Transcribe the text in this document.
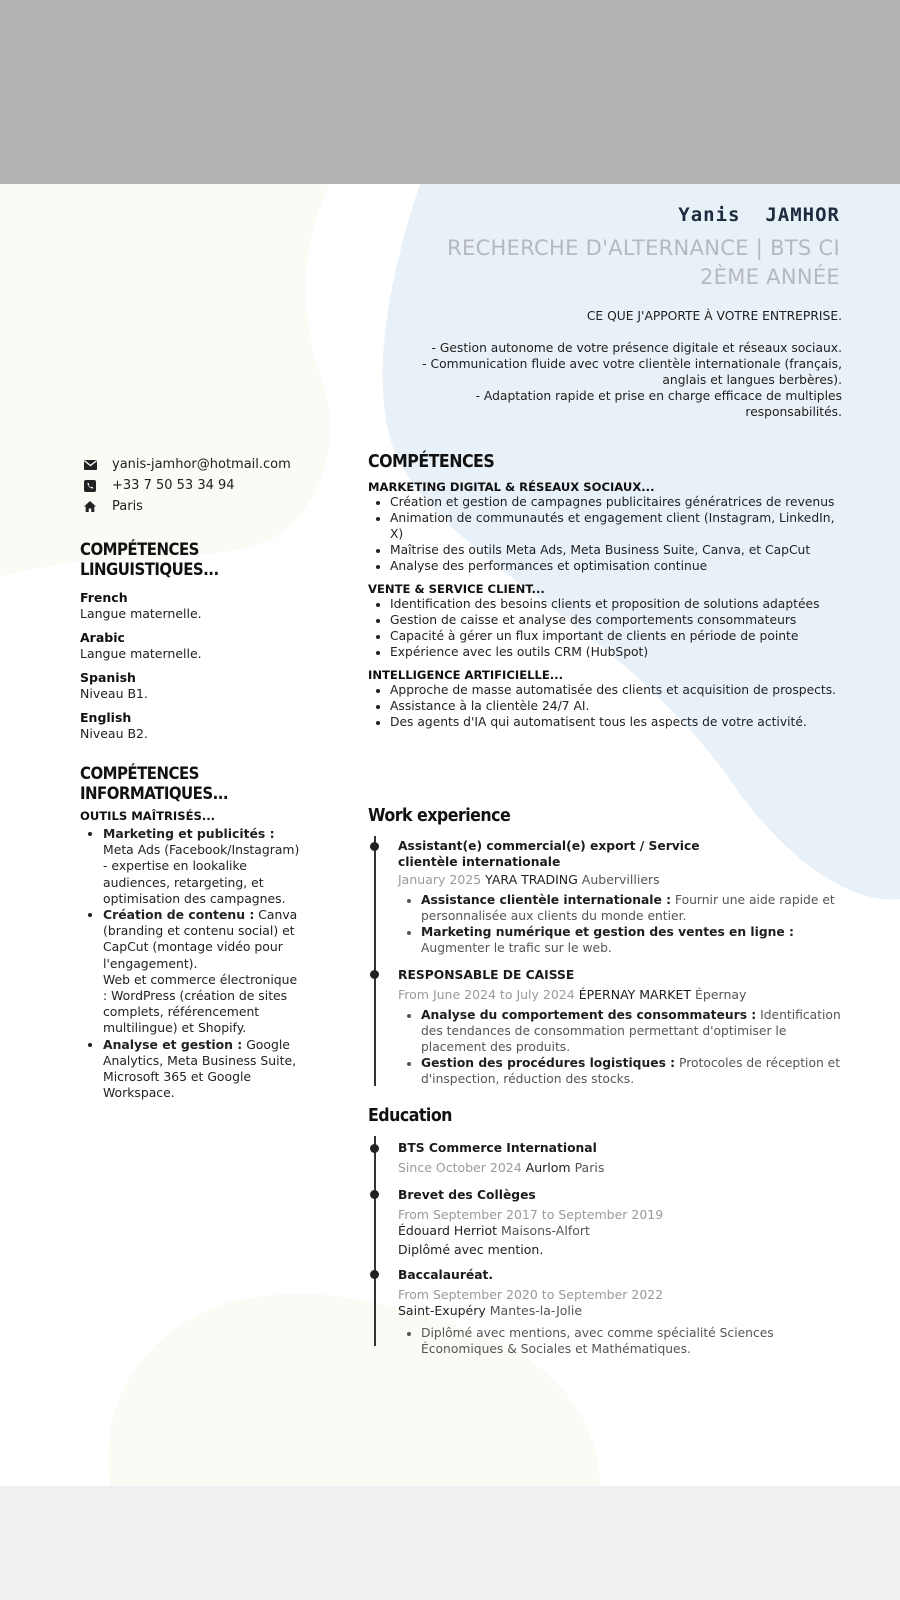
Yanis  JAMHOR
RECHERCHE D'ALTERNANCE | BTS CI
2ÈME ANNÉE
CE QUE J'APPORTE À VOTRE ENTREPRISE.
- Gestion autonome de votre présence digitale et réseaux sociaux.
- Communication fluide avec votre clientèle internationale (français,
anglais et langues berbères).
- Adaptation rapide et prise en charge efficace de multiples
responsabilités.
yanis-jamhor@hotmail.com
+33 7 50 53 34 94
Paris
COMPÉTENCES
LINGUISTIQUES...
French
Langue maternelle.
Arabic
Langue maternelle.
Spanish
Niveau B1.
English
Niveau B2.
COMPÉTENCES
INFORMATIQUES...
OUTILS MAÎTRISÉS...
• Marketing et publicités : Meta Ads (Facebook/Instagram) - expertise en lookalike audiences, retargeting, et optimisation des campagnes.
• Création de contenu : Canva (branding et contenu social) et CapCut (montage vidéo pour l'engagement).
Web et commerce électronique : WordPress (création de sites complets, référencement multilingue) et Shopify.
• Analyse et gestion : Google Analytics, Meta Business Suite, Microsoft 365 et Google Workspace.
COMPÉTENCES
MARKETING DIGITAL & RÉSEAUX SOCIAUX...
• Création et gestion de campagnes publicitaires génératrices de revenus
• Animation de communautés et engagement client (Instagram, LinkedIn, X)
• Maîtrise des outils Meta Ads, Meta Business Suite, Canva, et CapCut
• Analyse des performances et optimisation continue
VENTE & SERVICE CLIENT...
• Identification des besoins clients et proposition de solutions adaptées
• Gestion de caisse et analyse des comportements consommateurs
• Capacité à gérer un flux important de clients en période de pointe
• Expérience avec les outils CRM (HubSpot)
INTELLIGENCE ARTIFICIELLE...
• Approche de masse automatisée des clients et acquisition de prospects.
• Assistance à la clientèle 24/7 AI.
• Des agents d'IA qui automatisent tous les aspects de votre activité.
Work experience
Assistant(e) commercial(e) export / Service clientèle internationale
January 2025 YARA TRADING Aubervilliers
• Assistance clientèle internationale : Fournir une aide rapide et personnalisée aux clients du monde entier.
• Marketing numérique et gestion des ventes en ligne : Augmenter le trafic sur le web.
RESPONSABLE DE CAISSE
From June 2024 to July 2024 ÉPERNAY MARKET Épernay
• Analyse du comportement des consommateurs : Identification des tendances de consommation permettant d'optimiser le placement des produits.
• Gestion des procédures logistiques : Protocoles de réception et d'inspection, réduction des stocks.
Education
BTS Commerce International
Since October 2024 Aurlom Paris
Brevet des Collèges
From September 2017 to September 2019
Édouard Herriot Maisons-Alfort
Diplômé avec mention.
Baccalauréat.
From September 2020 to September 2022
Saint-Exupéry Mantes-la-Jolie
• Diplômé avec mentions, avec comme spécialité Sciences Économiques & Sociales et Mathématiques.
